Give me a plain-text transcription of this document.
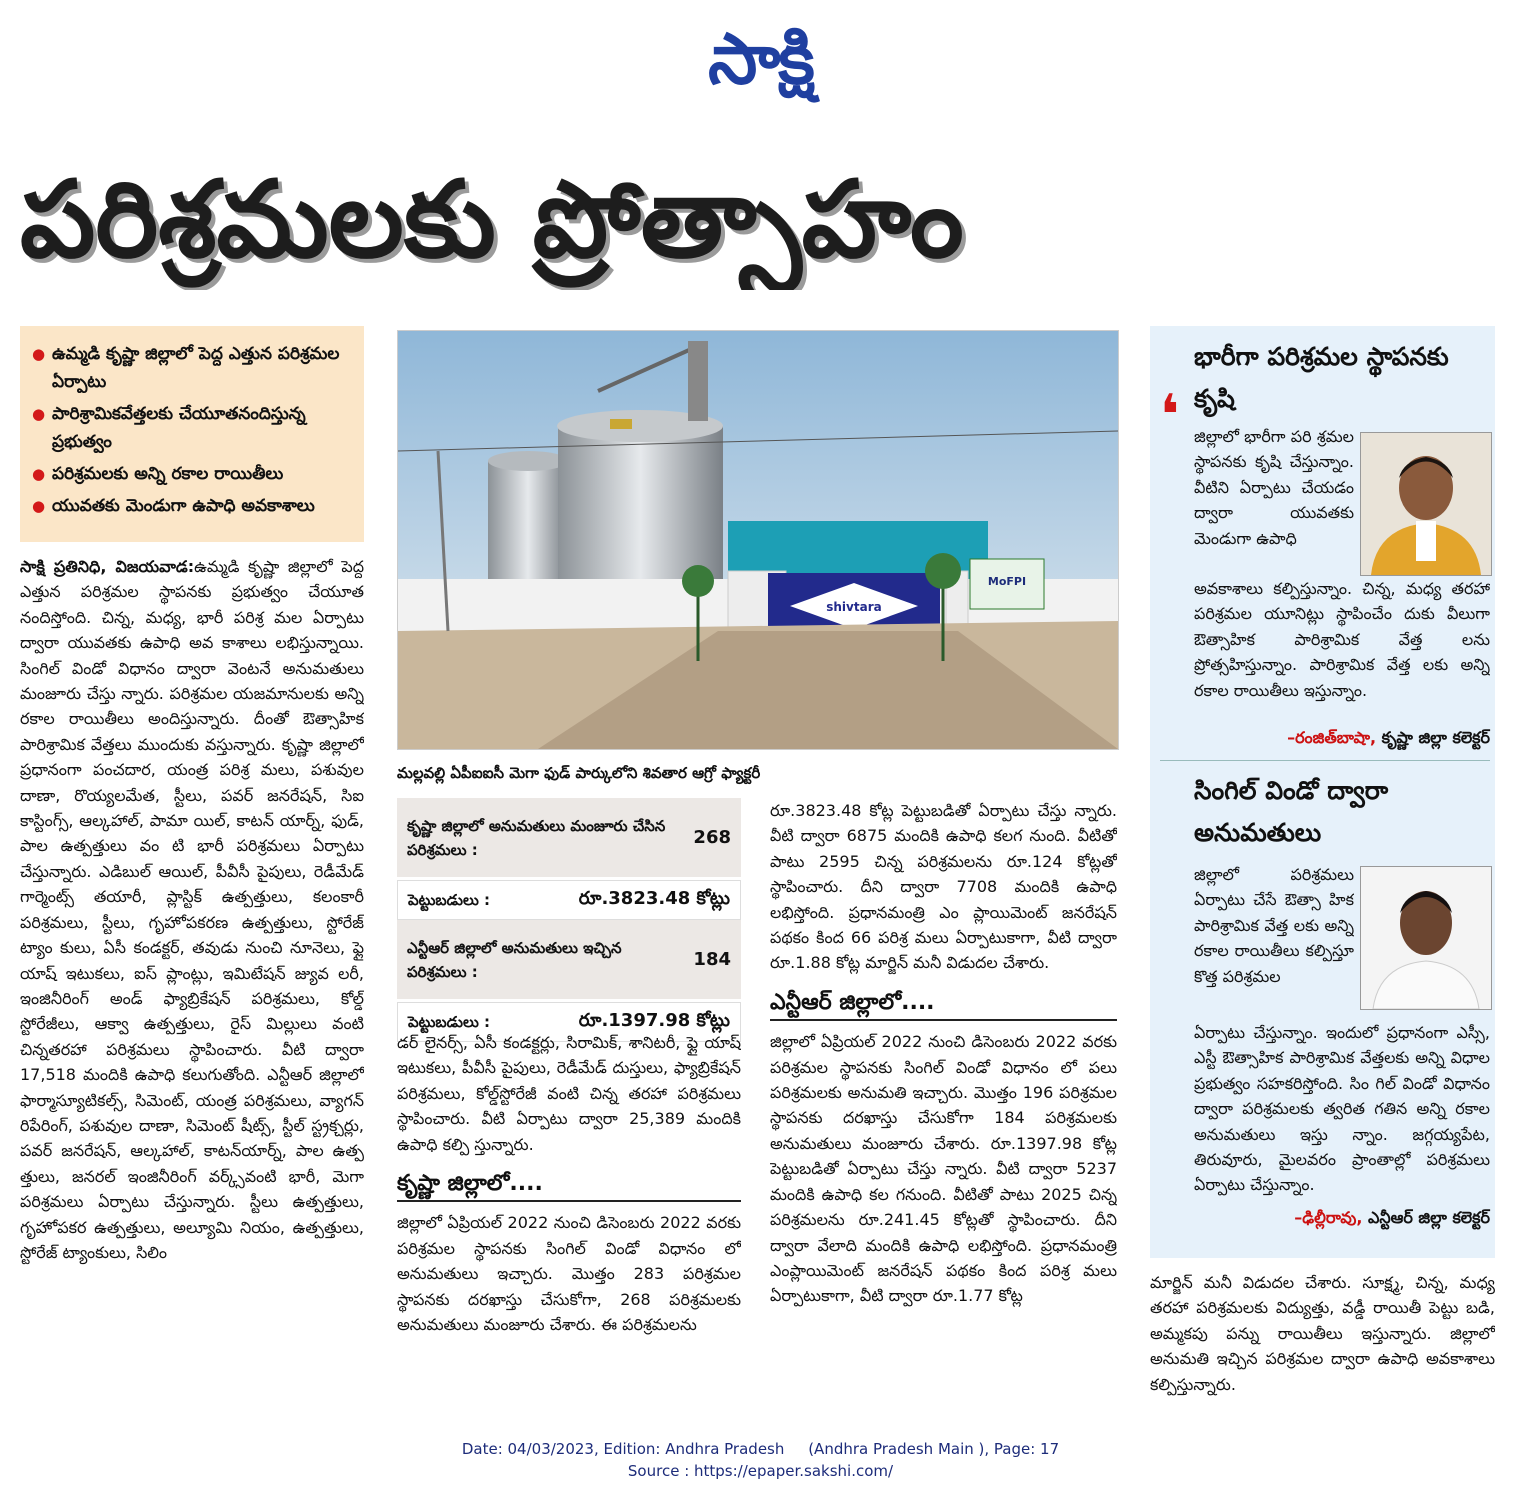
సాక్షి
పరిశ్రమలకు ప్రోత్సాహం
● ఉమ్మడి కృష్ణా జిల్లాలో పెద్ద ఎత్తున పరిశ్రమల ఏర్పాటు
● పారిశ్రామికవేత్తలకు చేయూతనందిస్తున్న ప్రభుత్వం
● పరిశ్రమలకు అన్ని రకాల రాయితీలు
● యువతకు మెండుగా ఉపాధి అవకాశాలు

సాక్షి ప్రతినిధి, విజయవాడ:ఉమ్మడి కృష్ణా జిల్లాలో పెద్ద ఎత్తున పరిశ్రమల స్థాపనకు ప్రభుత్వం చేయూత నందిస్తోంది. చిన్న, మధ్య, భారీ పరిశ్ర మల ఏర్పాటు ద్వారా యువతకు ఉపాధి అవ కాశాలు లభిస్తున్నాయి. సింగిల్ విండో విధానం ద్వారా వెంటనే అనుమతులు మంజూరు చేస్తు న్నారు. పరిశ్రమల యజమానులకు అన్ని రకాల రాయితీలు అందిస్తున్నారు. దీంతో ఔత్సాహిక పారిశ్రామిక వేత్తలు ముందుకు వస్తున్నారు. కృష్ణా జిల్లాలో ప్రధానంగా పంచదార, యంత్ర పరిశ్ర మలు, పశువుల దాణా, రొయ్యలమేత, స్టీలు, పవర్ జనరేషన్, సిఐ కాస్టింగ్స్, ఆల్కహాల్, పామా యిల్, కాటన్ యార్న్, ఫుడ్, పాల ఉత్పత్తులు వం టి భారీ పరిశ్రమలు ఏర్పాటు చేస్తున్నారు. ఎడిబుల్ ఆయిల్, పీవీసీ పైపులు, రెడీమేడ్ గార్మెంట్స్ తయారీ, ప్లాస్టిక్ ఉత్పత్తులు, కలంకారీ పరిశ్రమలు, స్టీలు, గృహోపకరణ ఉత్పత్తులు, స్టోరేజ్ ట్యాం కులు, ఏసీ కండక్టర్, తవుడు నుంచి నూనెలు, ఫ్లై యాష్ ఇటుకలు, ఐస్ ప్లాంట్లు, ఇమిటేషన్ జ్యువ లరీ, ఇంజినీరింగ్ అండ్ ఫ్యాబ్రికేషన్ పరిశ్రమలు, కోల్డ్ స్టోరేజీలు, ఆక్వా ఉత్పత్తులు, రైస్ మిల్లులు వంటి చిన్నతరహా పరిశ్రమలు స్థాపించారు. వీటి ద్వారా 17,518 మందికి ఉపాధి కలుగుతోంది. ఎన్టీఆర్ జిల్లాలో ఫార్మాస్యూటికల్స్, సిమెంట్, యంత్ర పరిశ్రమలు, వ్యాగన్ రిపేరింగ్, పశువుల దాణా, సిమెంట్ షీట్స్, స్టీల్ స్ట్రక్చర్లు, పవర్ జనరేషన్, ఆల్కహాల్, కాటన్‌యార్న్, పాల ఉత్ప త్తులు, జనరల్ ఇంజినీరింగ్ వర్క్స్‌వంటి భారీ, మెగా పరిశ్రమలు ఏర్పాటు చేస్తున్నారు. స్టీలు ఉత్పత్తులు, గృహోపకర ఉత్పత్తులు, అల్యూమి నియం, ఉత్పత్తులు, స్టోరేజ్ ట్యాంకులు, సిలిం

shivtara
MoFPI
మల్లవల్లి ఏపీఐఐసీ మెగా ఫుడ్ పార్కులోని శివతార ఆగ్రో ఫ్యాక్టరీ
కృష్ణా జిల్లాలో అనుమతులు మంజూరు చేసిన పరిశ్రమలు :
268
పెట్టుబడులు :	రూ.3823.48 కోట్లు
ఎన్టీఆర్ జిల్లాలో అనుమతులు ఇచ్చిన పరిశ్రమలు :
184
పెట్టుబడులు :	రూ.1397.98 కోట్లు

డర్ లైనర్స్, ఏసీ కండక్టర్లు, సిరామిక్, శానిటరీ, ఫ్లై యాష్ ఇటుకలు, పీవీసీ పైపులు, రెడీమేడ్ దుస్తులు, ఫ్యాబ్రికేషన్ పరిశ్రమలు, కోల్డ్‌స్టోరేజీ వంటి చిన్న తరహా పరిశ్రమలు స్థాపించారు. వీటి ఏర్పాటు ద్వారా 25,389 మందికి ఉపాధి కల్పి స్తున్నారు.

కృష్ణా జిల్లాలో....

జిల్లాలో ఏప్రియల్ 2022 నుంచి డిసెంబరు 2022 వరకు పరిశ్రమల స్థాపనకు సింగిల్ విండో విధానం లో అనుమతులు ఇచ్చారు. మొత్తం 283 పరిశ్రమల స్థాపనకు దరఖాస్తు చేసుకోగా, 268 పరిశ్రమలకు అనుమతులు మంజూరు చేశారు. ఈ పరిశ్రమలను

రూ.3823.48 కోట్ల పెట్టుబడితో ఏర్పాటు చేస్తు న్నారు. వీటి ద్వారా 6875 మందికి ఉపాధి కలగ నుంది. వీటితో పాటు 2595 చిన్న పరిశ్రమలను రూ.124 కోట్లతో స్థాపించారు. దీని ద్వారా 7708 మందికి ఉపాధి లభిస్తోంది. ప్రధానమంత్రి ఎం ప్లాయిమెంట్ జనరేషన్ పథకం కింద 66 పరిశ్ర మలు ఏర్పాటుకాగా, వీటి ద్వారా రూ.1.88 కోట్ల మార్జిన్ మనీ విడుదల చేశారు.

ఎన్టీఆర్ జిల్లాలో....

జిల్లాలో ఏప్రియల్ 2022 నుంచి డిసెంబరు 2022 వరకు పరిశ్రమల స్థాపనకు సింగిల్ విండో విధానం లో పలు పరిశ్రమలకు అనుమతి ఇచ్చారు. మొత్తం 196 పరిశ్రమల స్థాపనకు దరఖాస్తు చేసుకోగా 184 పరిశ్రమలకు అనుమతులు మంజూరు చేశారు. రూ.1397.98 కోట్ల పెట్టుబడితో ఏర్పాటు చేస్తు న్నారు. వీటి ద్వారా 5237 మందికి ఉపాధి కల గనుంది. వీటితో పాటు 2025 చిన్న పరిశ్రమలను రూ.241.45 కోట్లతో స్థాపించారు. దీని ద్వారా వేలాది మందికి ఉపాధి లభిస్తోంది. ప్రధానమంత్రి ఎంప్లాయిమెంట్ జనరేషన్ పథకం కింద పరిశ్ర మలు ఏర్పాటుకాగా, వీటి ద్వారా రూ.1.77 కోట్ల

భారీగా పరిశ్రమల స్థాపనకు కృషి
❛ జిల్లాలో భారీగా పరి శ్రమల స్థాపనకు కృషి చేస్తున్నాం. వీటిని ఏర్పాటు చేయడం ద్వారా యువతకు మెండుగా ఉపాధి
అవకాశాలు కల్పిస్తున్నాం. చిన్న, మధ్య తరహా పరిశ్రమల యూనిట్లు స్థాపించేం దుకు వీలుగా ఔత్సాహిక పారిశ్రామిక వేత్త లను ప్రోత్సహిస్తున్నాం. పారిశ్రామిక వేత్త లకు అన్ని రకాల రాయితీలు ఇస్తున్నాం.
–రంజిత్‌బాషా, కృష్ణా జిల్లా కలెక్టర్
సింగిల్ విండో ద్వారా అనుమతులు
జిల్లాలో పరిశ్రమలు ఏర్పాటు చేసే ఔత్సా హిక పారిశ్రామిక వేత్త లకు అన్ని రకాల రాయితీలు కల్పిస్తూ కొత్త పరిశ్రమల
ఏర్పాటు చేస్తున్నాం. ఇందులో ప్రధానంగా ఎస్సీ, ఎస్టీ ఔత్సాహిక పారిశ్రామిక వేత్తలకు అన్ని విధాల ప్రభుత్వం సహకరిస్తోంది. సిం గిల్ విండో విధానం ద్వారా పరిశ్రమలకు త్వరిత గతిన అన్ని రకాల అనుమతులు ఇస్తు న్నాం. జగ్గయ్యపేట, తిరువూరు, మైలవరం ప్రాంతాల్లో పరిశ్రమలు ఏర్పాటు చేస్తున్నాం.
–ఢిల్లీరావు, ఎన్టీఆర్ జిల్లా కలెక్టర్

మార్జిన్ మనీ విడుదల చేశారు. సూక్ష్మ, చిన్న, మధ్య తరహా పరిశ్రమలకు విద్యుత్తు, వడ్డీ రాయితీ పెట్టు బడి, అమ్మకపు పన్ను రాయితీలు ఇస్తున్నారు. జిల్లాలో అనుమతి ఇచ్చిన పరిశ్రమల ద్వారా ఉపాధి అవకాశాలు కల్పిస్తున్నారు.

Date: 04/03/2023, Edition: Andhra Pradesh     (Andhra Pradesh Main ), Page: 17
Source : https://epaper.sakshi.com/
